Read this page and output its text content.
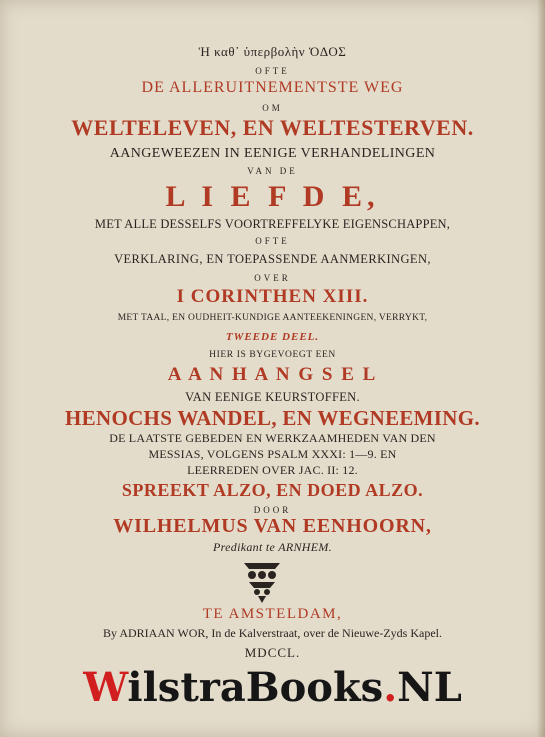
Ἡ καθ᾽ ὑπερβολὴν ὉΔΟΣ
OFTE
DE ALLERUITNEMENTSTE WEG
OM
WELTELEVEN, EN WELTESTERVEN.
AANGEWEEZEN IN EENIGE VERHANDELINGEN
VAN DE
L I E F D E,
MET ALLE DESSELFS VOORTREFFELYKE EIGENSCHAPPEN,
OFTE
VERKLARING, EN TOEPASSENDE AANMERKINGEN,
OVER
I CORINTHEN XIII.
MET TAAL, EN OUDHEIT-KUNDIGE AANTEEKENINGEN, VERRYKT,
TWEEDE DEEL.
HIER IS BYGEVOEGT EEN
A A N H A N G S E L
VAN EENIGE KEURSTOFFEN.
HENOCHS WANDEL, EN WEGNEEMING.
DE LAATSTE GEBEDEN EN WERKZAAMHEDEN VAN DEN
MESSIAS, VOLGENS PSALM XXXI: 1—9. EN
LEERREDEN OVER JAC. II: 12.
SPREEKT ALZO, EN DOED ALZO.
DOOR
WILHELMUS VAN EENHOORN,
Predikant te ARNHEM.
TE AMSTELDAM,
By ADRIAAN WOR, In de Kalverstraat, over de Nieuwe-Zyds Kapel.
MDCCL.
WilstraBooks.NL
